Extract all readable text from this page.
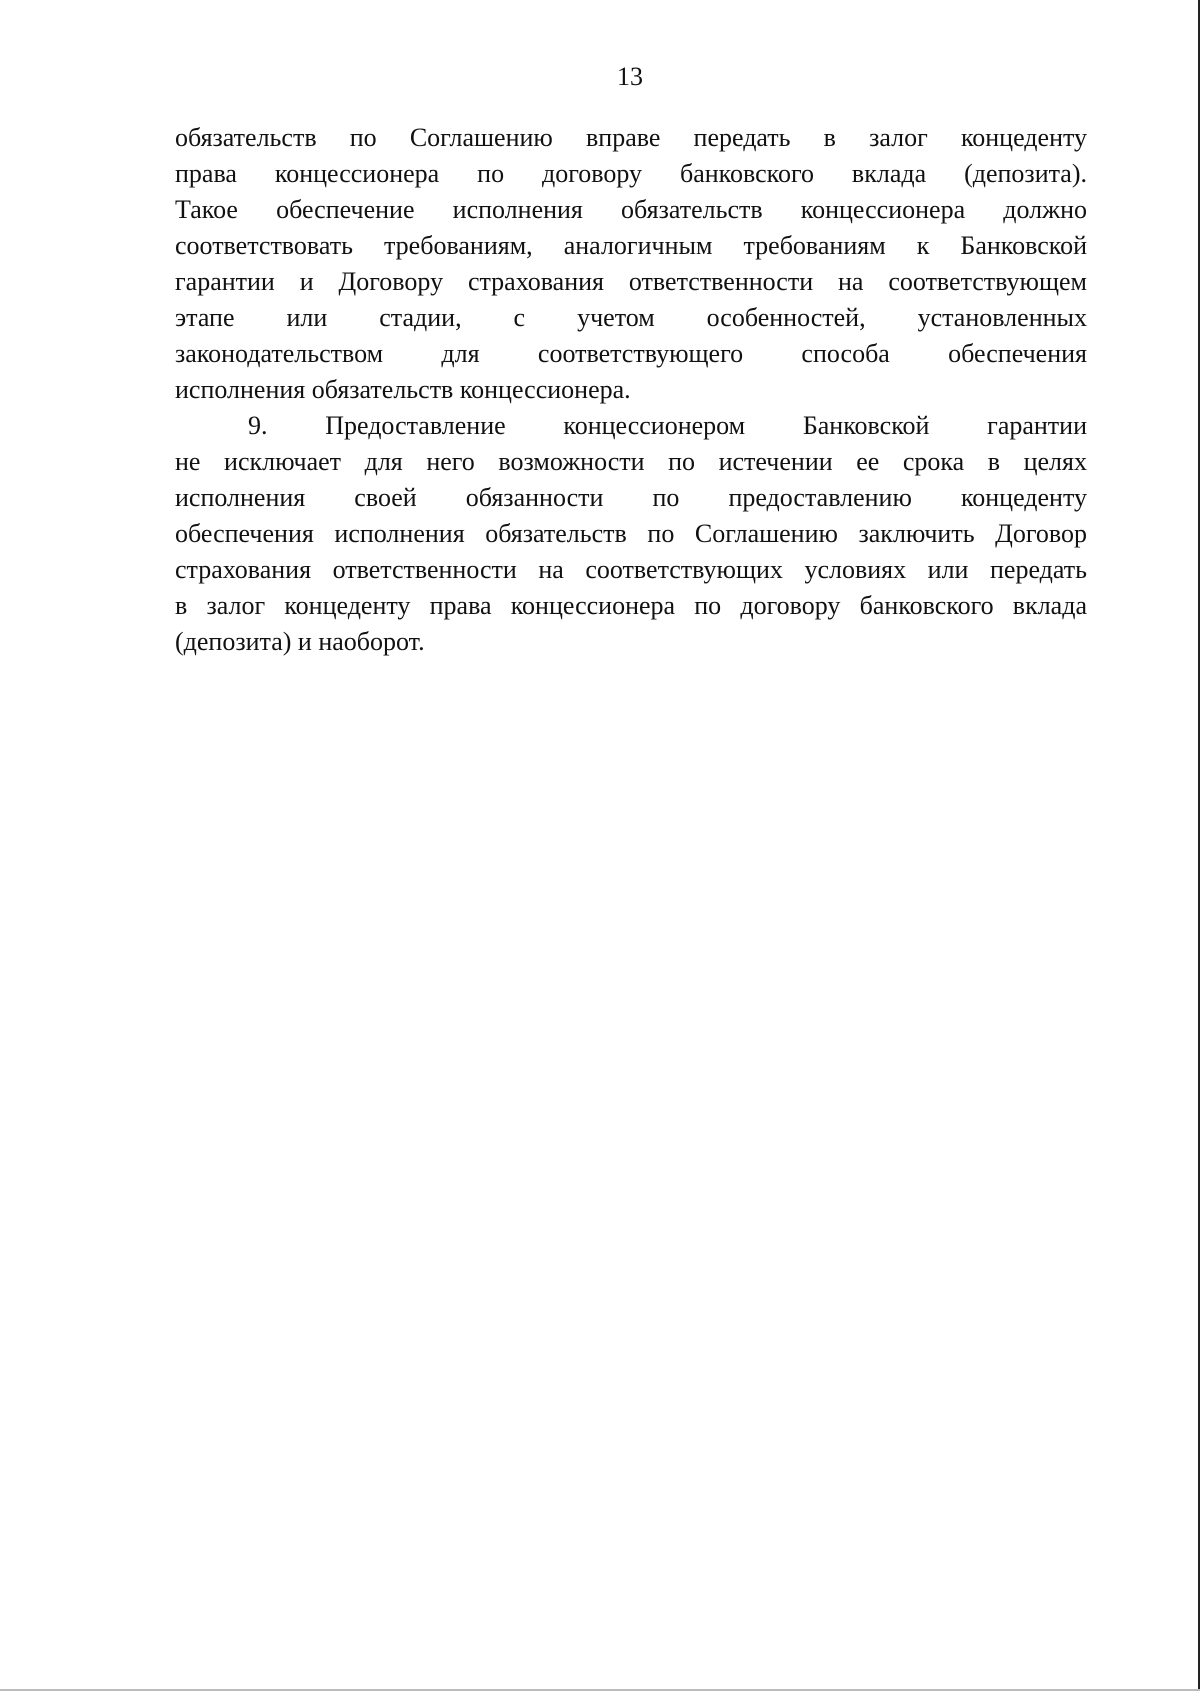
13
обязательств по Соглашению вправе передать в залог концеденту
права концессионера по договору банковского вклада (депозита).
Такое обеспечение исполнения обязательств концессионера должно
соответствовать требованиям, аналогичным требованиям к Банковской
гарантии и Договору страхования ответственности на соответствующем
этапе или стадии, с учетом особенностей, установленных
законодательством для соответствующего способа обеспечения
исполнения обязательств концессионера.
9. Предоставление концессионером Банковской гарантии
не исключает для него возможности по истечении ее срока в целях
исполнения своей обязанности по предоставлению концеденту
обеспечения исполнения обязательств по Соглашению заключить Договор
страхования ответственности на соответствующих условиях или передать
в залог концеденту права концессионера по договору банковского вклада
(депозита) и наоборот.
